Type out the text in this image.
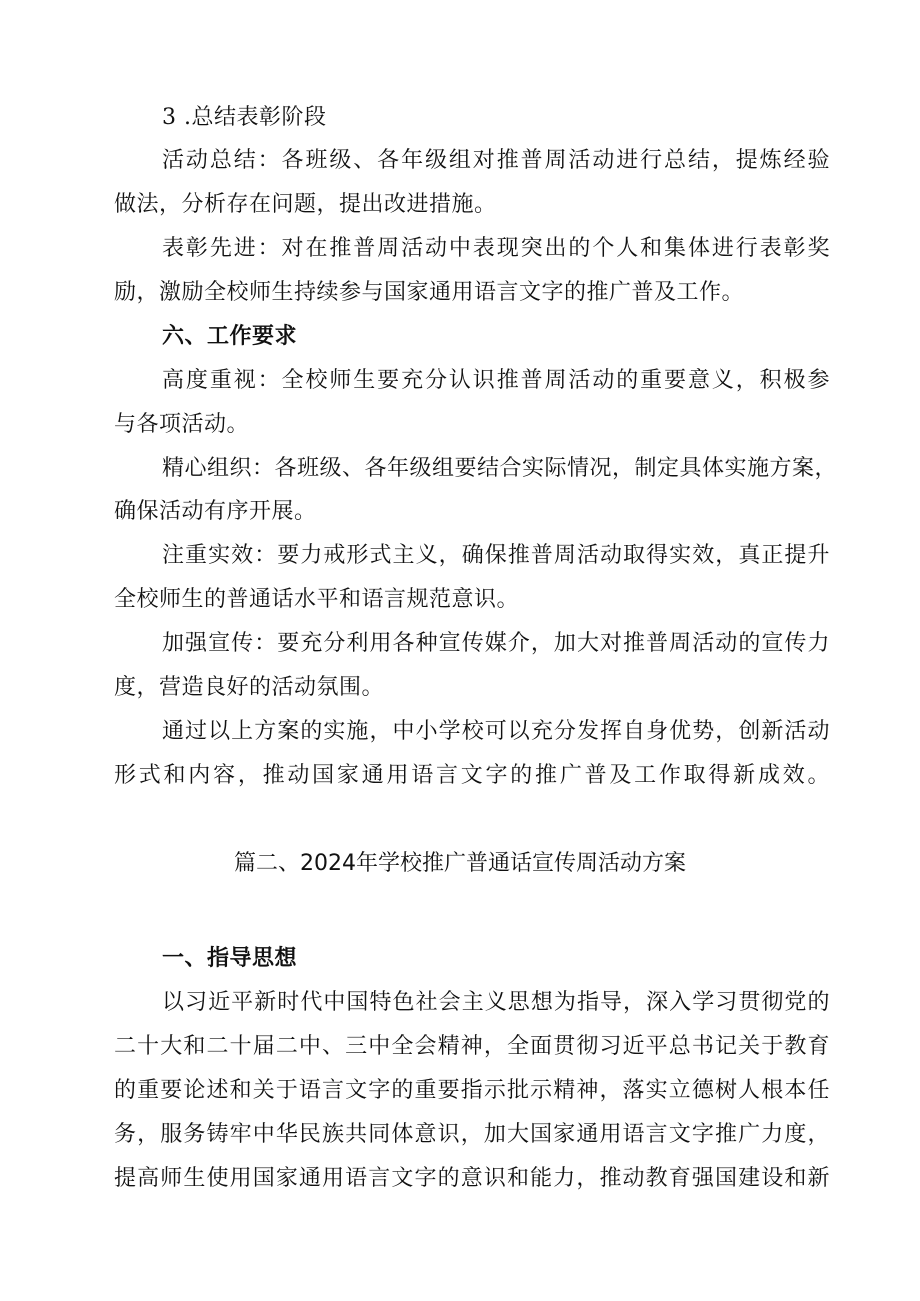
3 .总结表彰阶段
活动总结：各班级、各年级组对推普周活动进行总结，提炼经验
做法，分析存在问题，提出改进措施。
表彰先进：对在推普周活动中表现突出的个人和集体进行表彰奖
励，激励全校师生持续参与国家通用语言文字的推广普及工作。
六、工作要求
高度重视：全校师生要充分认识推普周活动的重要意义，积极参
与各项活动。
精心组织：各班级、各年级组要结合实际情况，制定具体实施方案，
确保活动有序开展。
注重实效：要力戒形式主义，确保推普周活动取得实效，真正提升
全校师生的普通话水平和语言规范意识。
加强宣传：要充分利用各种宣传媒介，加大对推普周活动的宣传力
度，营造良好的活动氛围。
通过以上方案的实施，中小学校可以充分发挥自身优势，创新活动
形式和内容，推动国家通用语言文字的推广普及工作取得新成效。
篇二、2024年学校推广普通话宣传周活动方案
一、指导思想
以习近平新时代中国特色社会主义思想为指导，深入学习贯彻党的
二十大和二十届二中、三中全会精神，全面贯彻习近平总书记关于教育
的重要论述和关于语言文字的重要指示批示精神，落实立德树人根本任
务，服务铸牢中华民族共同体意识，加大国家通用语言文字推广力度，
提高师生使用国家通用语言文字的意识和能力，推动教育强国建设和新
